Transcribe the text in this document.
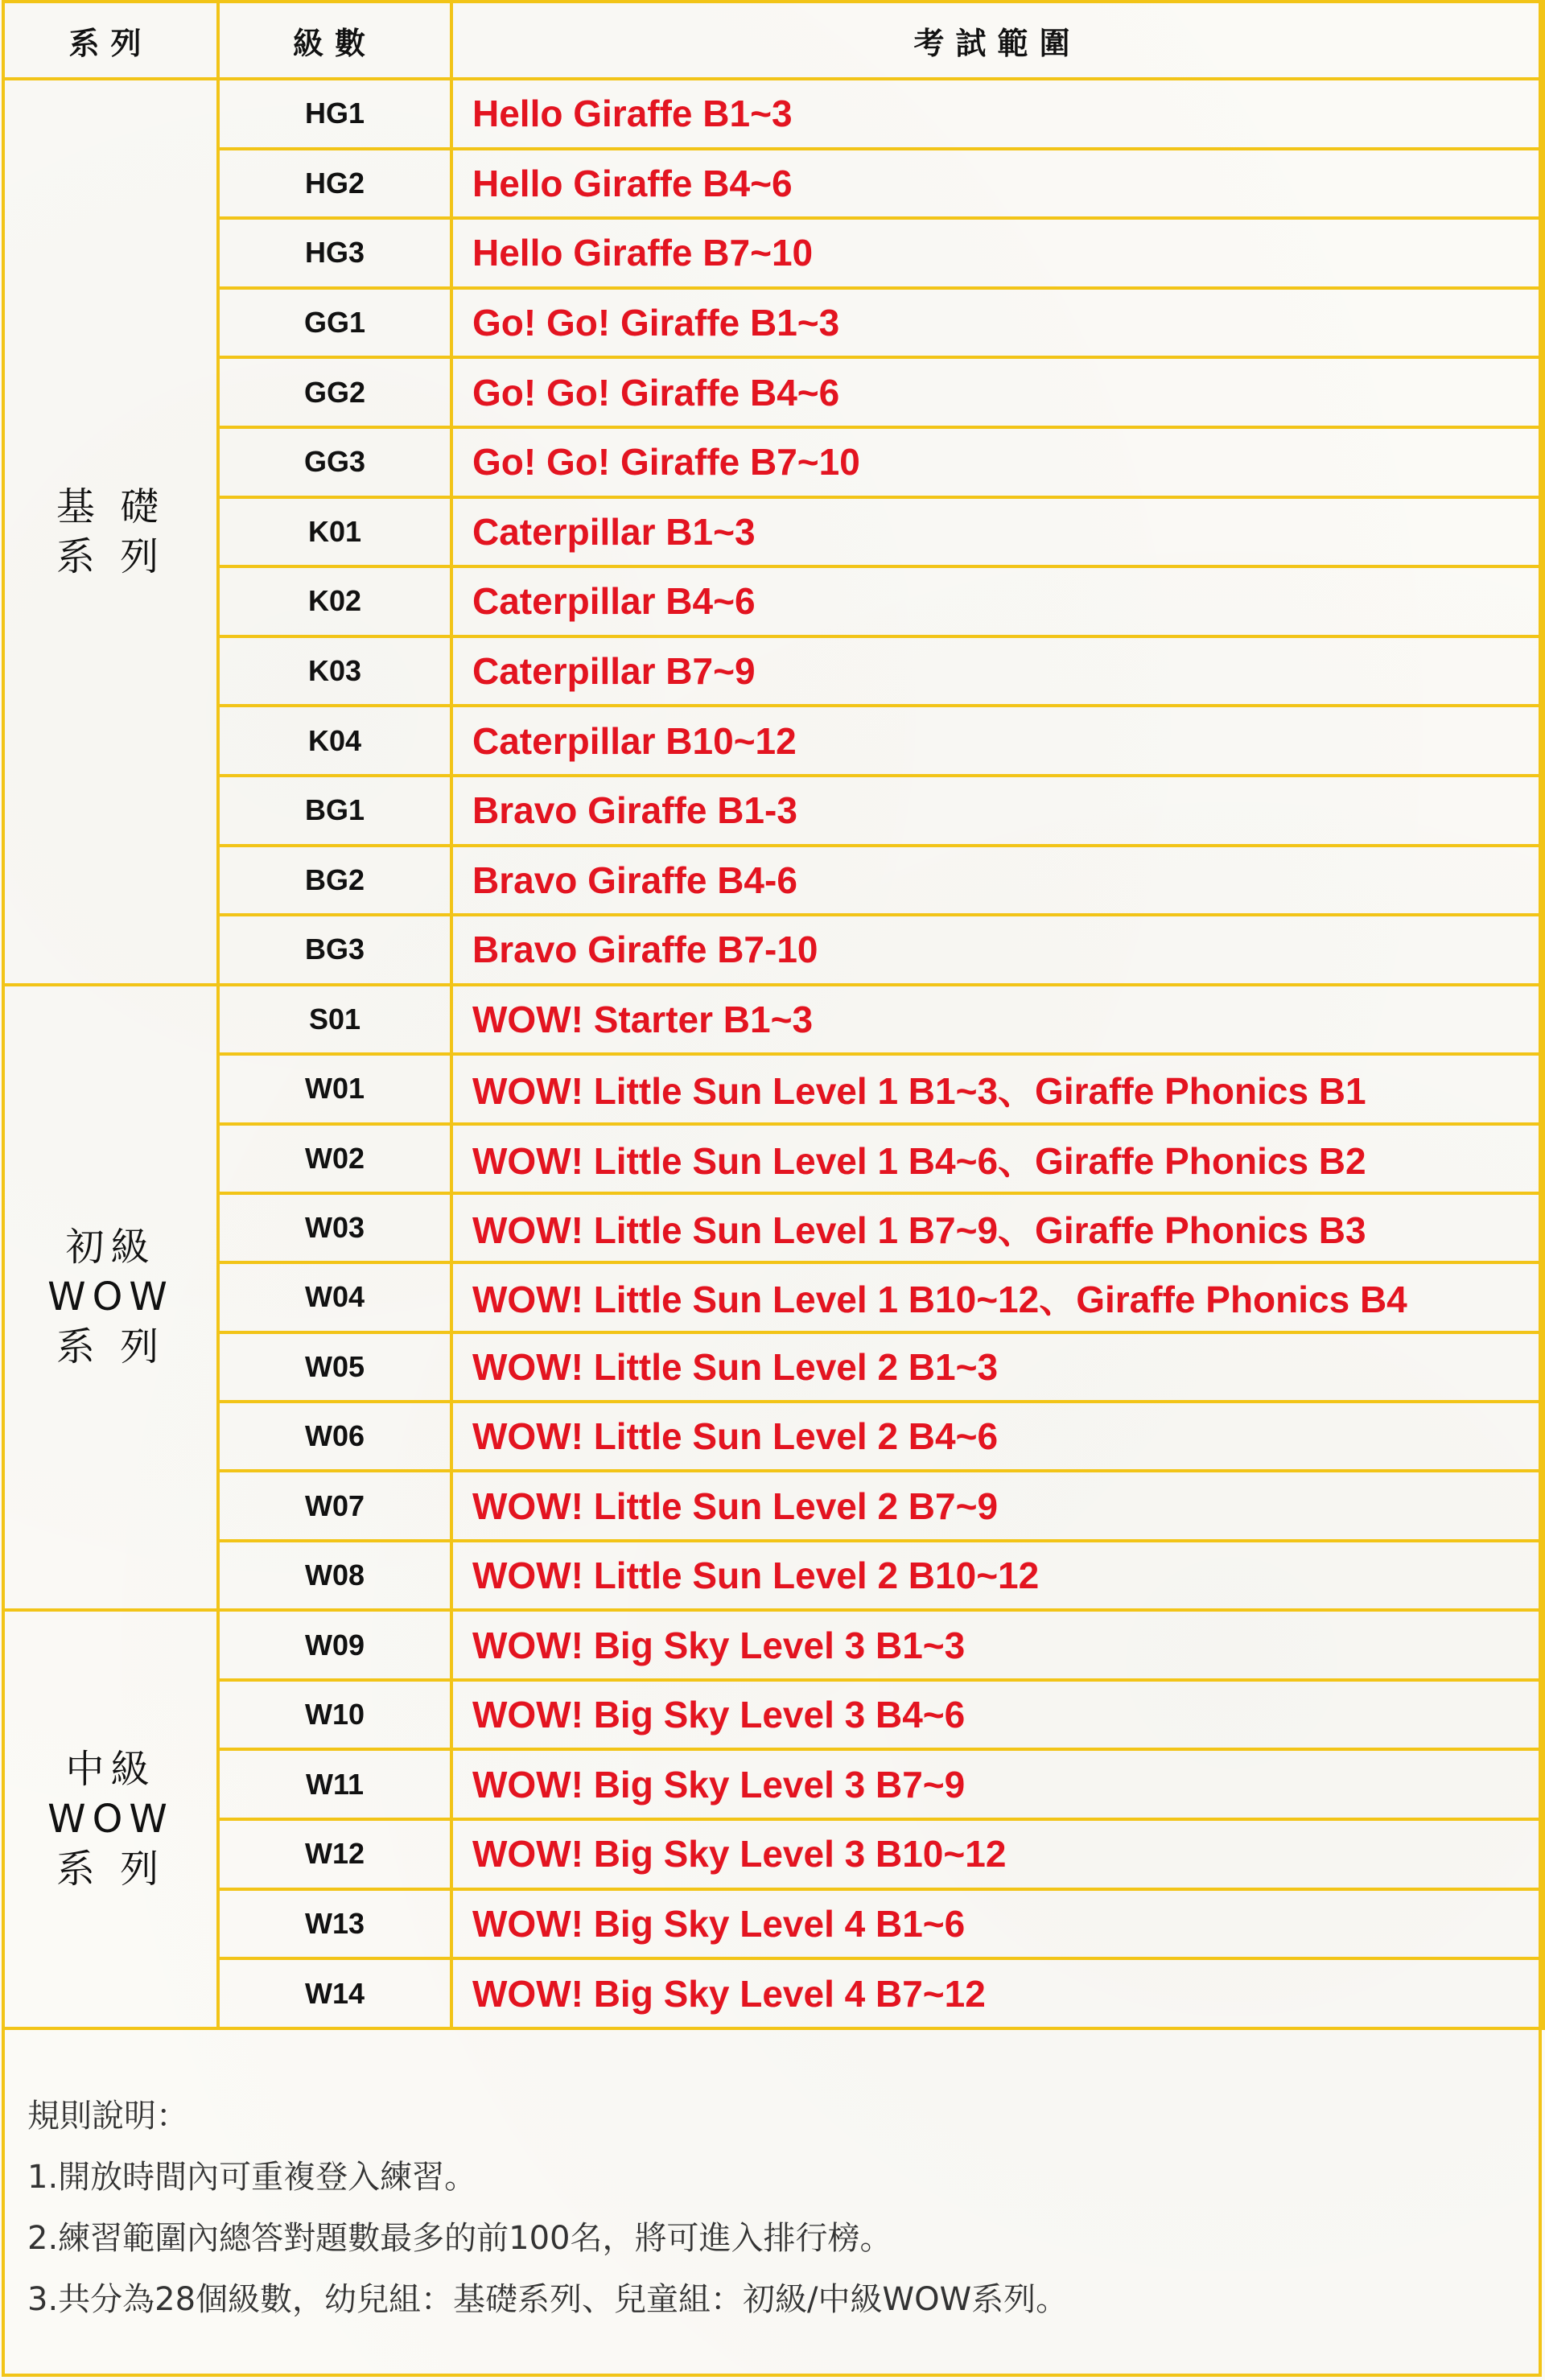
系列	級數	考試範圍

基 礎
系 列	HG1	Hello Giraffe B1~3
	HG2	Hello Giraffe B4~6
	HG3	Hello Giraffe B7~10
	GG1	Go! Go! Giraffe B1~3
	GG2	Go! Go! Giraffe B4~6
	GG3	Go! Go! Giraffe B7~10
	K01	Caterpillar B1~3
	K02	Caterpillar B4~6
	K03	Caterpillar B7~9
	K04	Caterpillar B10~12
	BG1	Bravo Giraffe B1-3
	BG2	Bravo Giraffe B4-6
	BG3	Bravo Giraffe B7-10

初級
WOW
系 列	S01	WOW! Starter B1~3
	W01	WOW! Little Sun Level 1 B1~3、Giraffe Phonics B1
	W02	WOW! Little Sun Level 1 B4~6、Giraffe Phonics B2
	W03	WOW! Little Sun Level 1 B7~9、Giraffe Phonics B3
	W04	WOW! Little Sun Level 1 B10~12、Giraffe Phonics B4
	W05	WOW! Little Sun Level 2 B1~3
	W06	WOW! Little Sun Level 2 B4~6
	W07	WOW! Little Sun Level 2 B7~9
	W08	WOW! Little Sun Level 2 B10~12

中級
WOW
系 列	W09	WOW! Big Sky Level 3 B1~3
	W10	WOW! Big Sky Level 3 B4~6
	W11	WOW! Big Sky Level 3 B7~9
	W12	WOW! Big Sky Level 3 B10~12
	W13	WOW! Big Sky Level 4 B1~6
	W14	WOW! Big Sky Level 4 B7~12
規則說明：
1.開放時間內可重複登入練習。
2.練習範圍內總答對題數最多的前100名，將可進入排行榜。
3.共分為28個級數，幼兒組：基礎系列、兒童組：初級/中級WOW系列。
